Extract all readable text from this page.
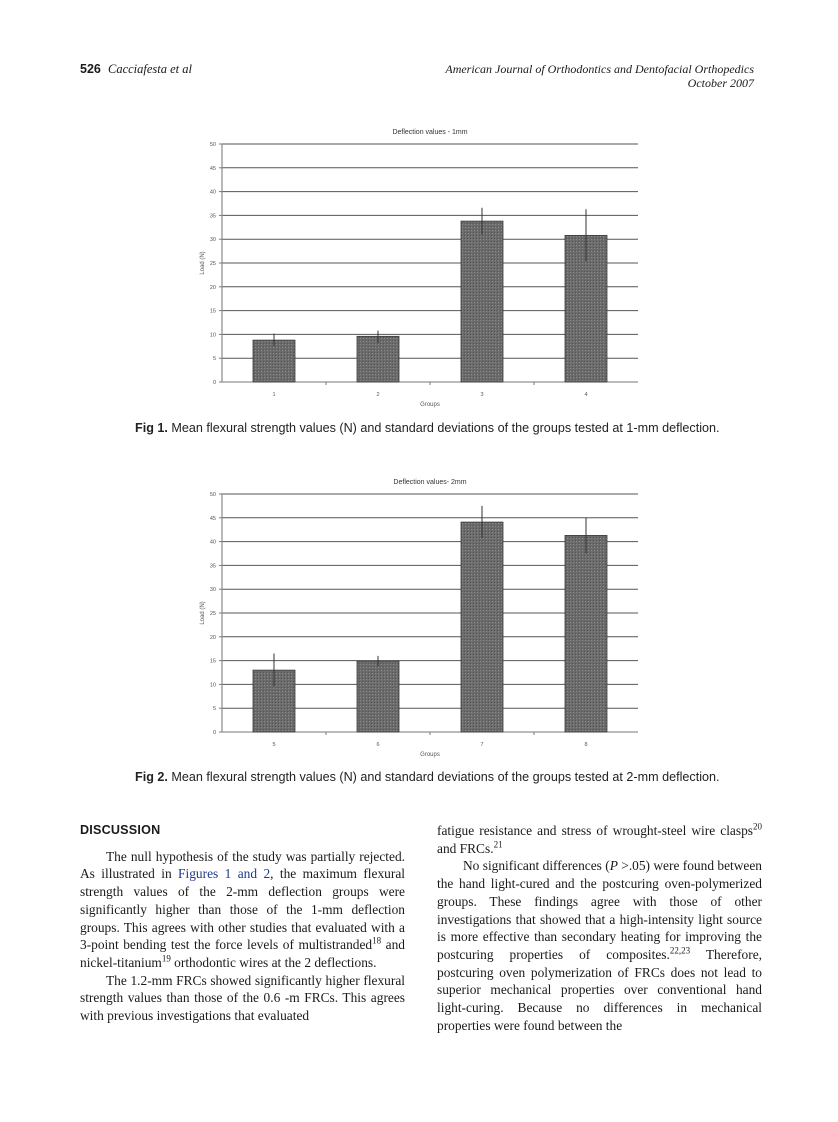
526 Cacciafesta et al	American Journal of Orthodontics and Dentofacial Orthopedics
October 2007
Deflection values - 1mm
0
5
10
15
20
25
30
35
40
45
50
Load (N)
1	2	3	4
Groups
Fig 1. Mean flexural strength values (N) and standard deviations of the groups tested at 1-mm deflection.
Deflection values- 2mm
0
5
10
15
20
25
30
35
40
45
50
Load (N)
5	6	7	8
Groups
Fig 2. Mean flexural strength values (N) and standard deviations of the groups tested at 2-mm deflection.
DISCUSSION

The null hypothesis of the study was partially rejected. As illustrated in Figures 1 and 2, the maximum flexural strength values of the 2-mm deflection groups were significantly higher than those of the 1-mm deflection groups. This agrees with other studies that evaluated with a 3-point bending test the force levels of multistranded$^{18}$ and nickel-titanium$^{19}$ orthodontic wires at the 2 deflections.

The 1.2-mm FRCs showed significantly higher flexural strength values than those of the 0.6 -m FRCs. This agrees with previous investigations that evaluated

fatigue resistance and stress of wrought-steel wire clasps$^{20}$ and FRCs.$^{21}$

No significant differences (P >.05) were found between the hand light-cured and the postcuring oven-polymerized groups. These findings agree with those of other investigations that showed that a high-intensity light source is more effective than secondary heating for improving the postcuring properties of composites.$^{22,23}$ Therefore, postcuring oven polymerization of FRCs does not lead to superior mechanical properties over conventional hand light-curing. Because no differences in mechanical properties were found between the
